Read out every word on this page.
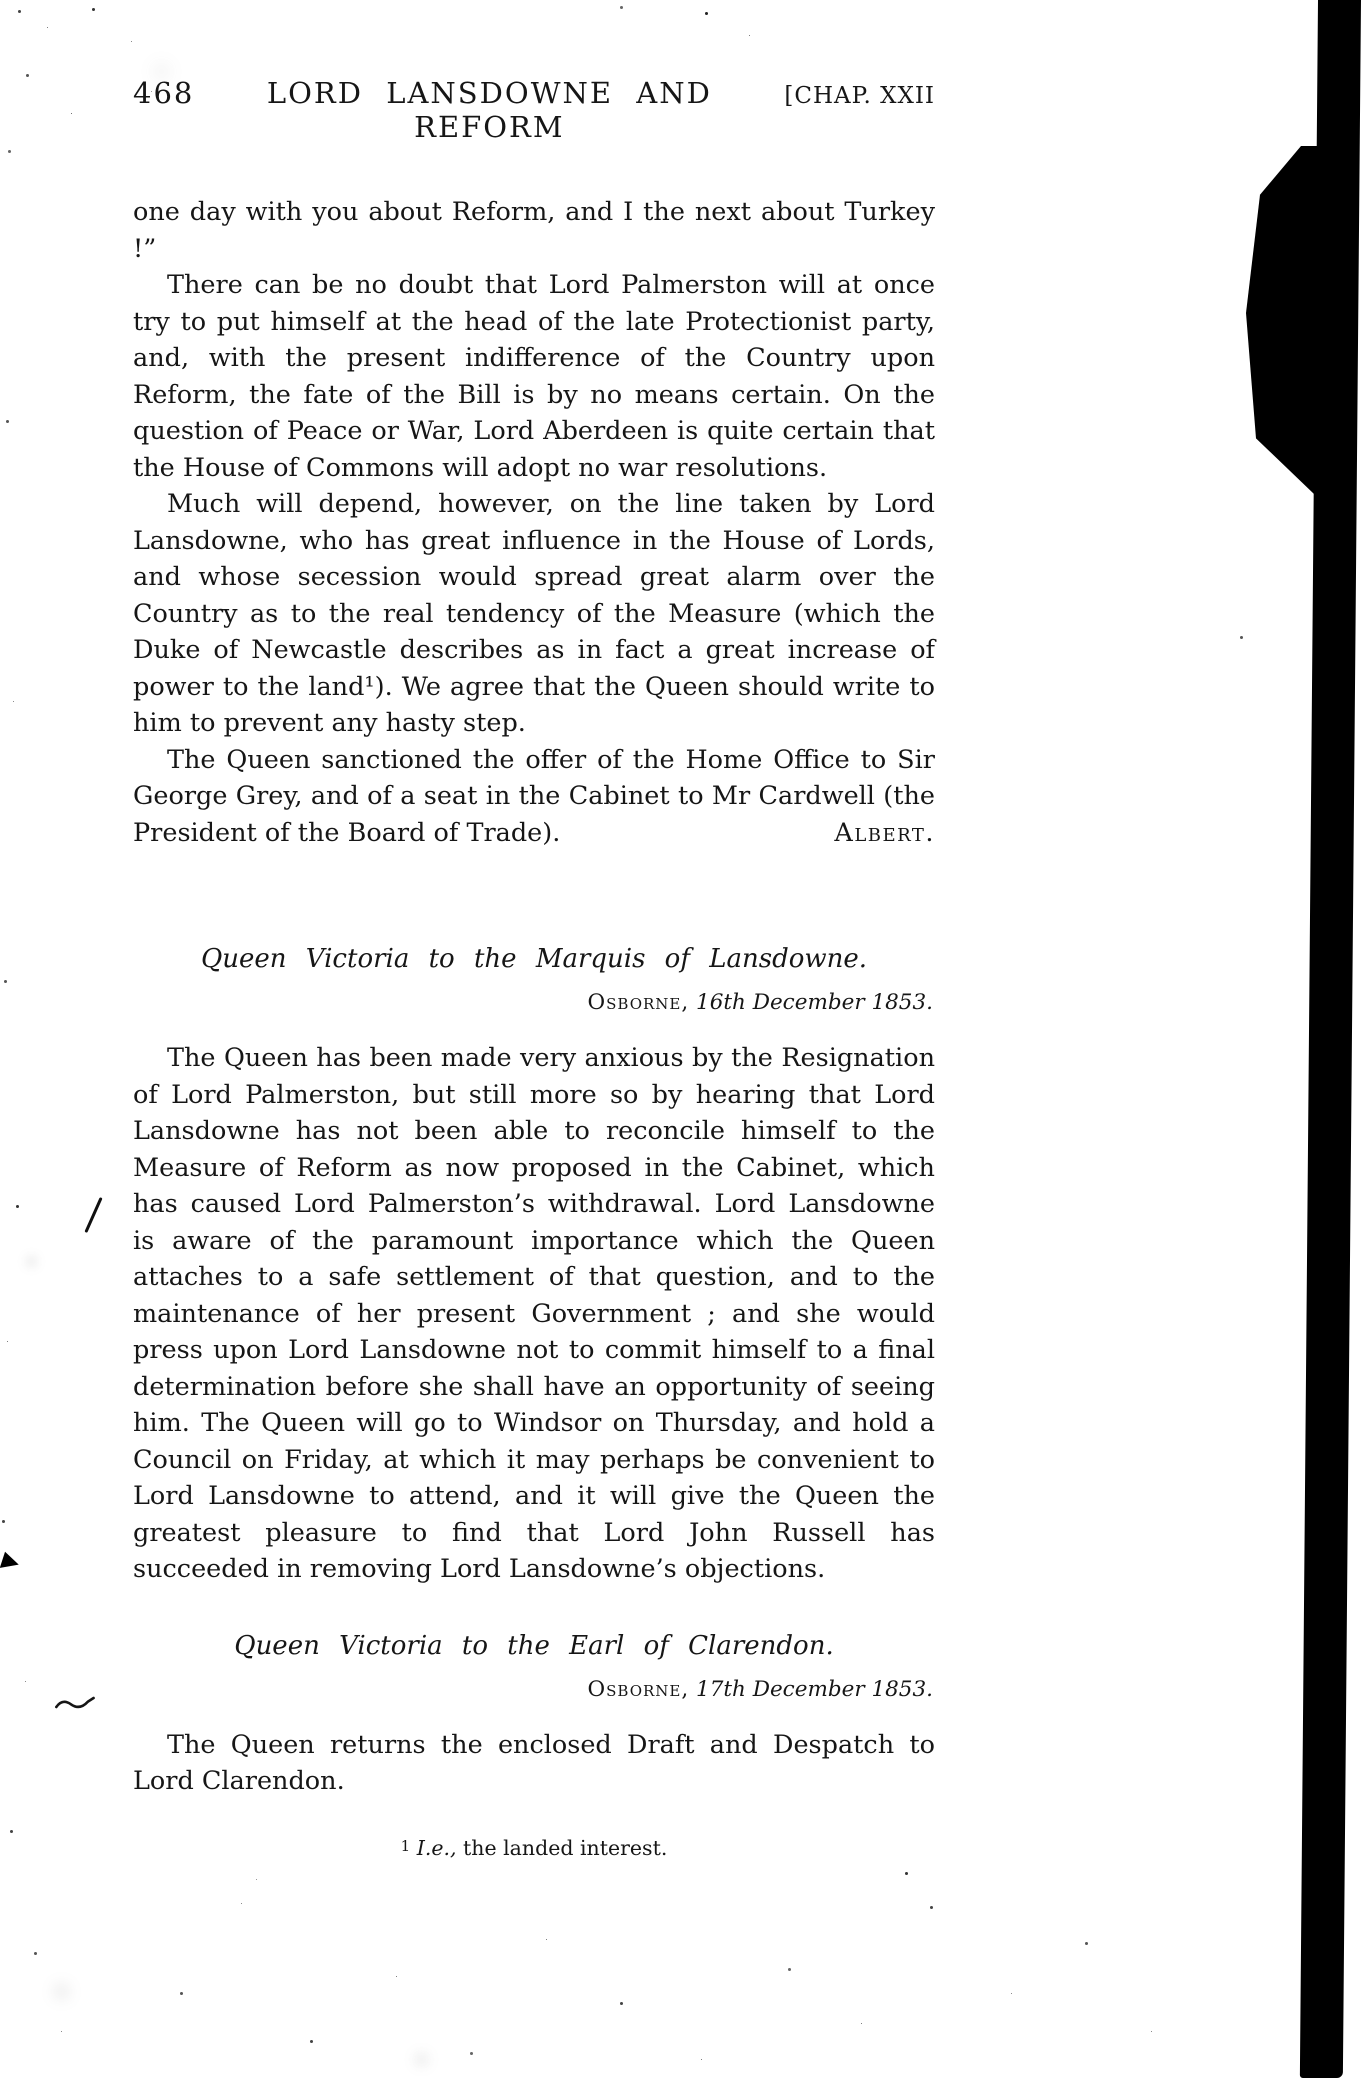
468	LORD LANSDOWNE AND REFORM
[CHAP. XXII

one day with you about Reform, and I the next about Turkey !”

There can be no doubt that Lord Palmerston will at once try to put himself at the head of the late Protectionist party, and, with the present indifference of the Country upon Reform, the fate of the Bill is by no means certain. On the question of Peace or War, Lord Aberdeen is quite certain that the House of Commons will adopt no war resolutions.

Much will depend, however, on the line taken by Lord Lansdowne, who has great influence in the House of Lords, and whose secession would spread great alarm over the Country as to the real tendency of the Measure (which the Duke of Newcastle describes as in fact a great increase of power to the land¹). We agree that the Queen should write to him to prevent any hasty step.

The Queen sanctioned the offer of the Home Office to Sir George Grey, and of a seat in the Cabinet to Mr Cardwell (the President of the Board of Trade).	Albert.

Queen Victoria to the Marquis of Lansdowne.
Osborne, 16th December 1853.

The Queen has been made very anxious by the Resignation of Lord Palmerston, but still more so by hearing that Lord Lansdowne has not been able to reconcile himself to the Measure of Reform as now proposed in the Cabinet, which has caused Lord Palmerston’s withdrawal. Lord Lansdowne is aware of the paramount importance which the Queen attaches to a safe settlement of that question, and to the maintenance of her present Government ; and she would press upon Lord Lansdowne not to commit himself to a final determination before she shall have an opportunity of seeing him. The Queen will go to Windsor on Thursday, and hold a Council on Friday, at which it may perhaps be convenient to Lord Lansdowne to attend, and it will give the Queen the greatest pleasure to find that Lord John Russell has succeeded in removing Lord Lansdowne’s objections.

Queen Victoria to the Earl of Clarendon.
Osborne, 17th December 1853.

The Queen returns the enclosed Draft and Despatch to Lord Clarendon.

1 I.e., the landed interest.
